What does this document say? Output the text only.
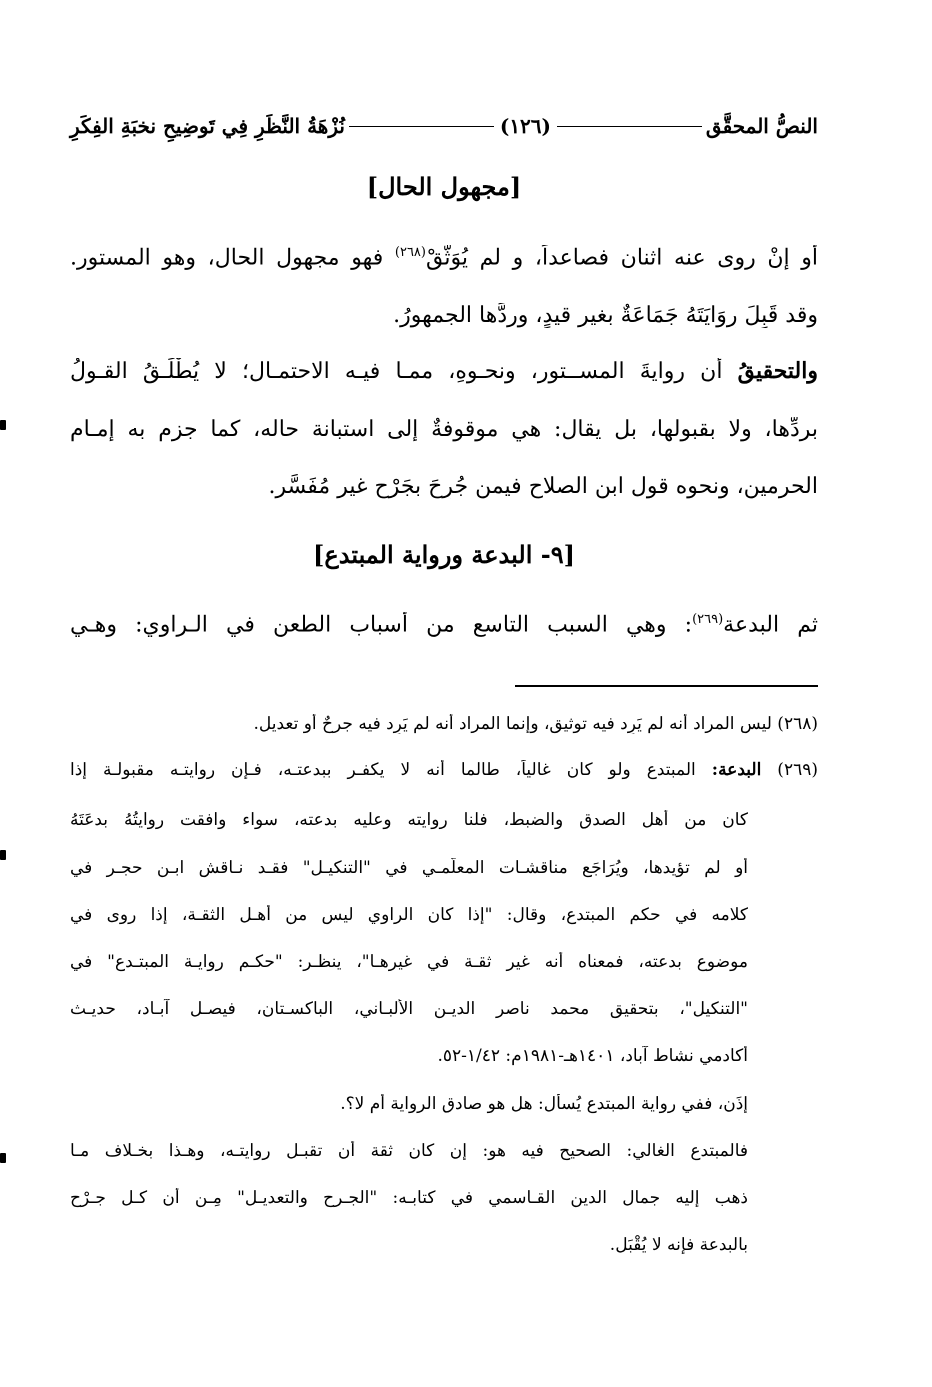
النصُّ المحقَّق
(١٢٦)
نُزْهَةُ النَّظَرِ فِي تَوضِيحِ نخبَةِ الفِكَرِ
[مجهول الحال]
أو إنْ روى عنه اثنان فصاعداً، و لم يُوَثَّقْ$^{(٢٦٨)}$ فهو مجهول الحال، وهو المستور.
وقد قَبِلَ رِوَايَتَهُ جَمَاعَةٌ بغيرِ قيدٍ، وردَّها الجمهورُ.
والتحقيقُ أن روايةَ المســتور، ونحـوِهِ، ممـا فيـه الاحتمـال؛ لا يُطْلَـقُ القـولُ
بردِّها، ولا بقبولها، بل يقال: هي موقوفةٌ إلى استبانة حاله، كما جزم به إمـام
الحرمين، ونحوه قول ابن الصلاح فيمن جُرِحَ بجَرْحٍ غير مُفَسَّر.
[٩- البدعة ورواية المبتدع]
ثم البدعة$^{(٢٦٩)}$: وهي السبب التاسع من أسباب الطعن في الـراوي: وهـي
(٢٦٨) ليس المراد أنه لم يَرِد فيه توثيق، وإنما المراد أنه لم يَرِد فيه جرحٌ أو تعديل.
(٢٦٩) البدعة: المبتدع ولو كان غالياً، طالما أنه لا يكفـر ببدعتـه، فـإن روايتـه مقبولـة إذا
كان من أهل الصدق والضبط، فلنا روايته وعليه بدعته، سواء وافقت روايتُهُ بدعَتَهُ
أو لم تؤيدها، ويُرَاجَع مناقشـات المعلّمـي في "التنكيـل" فقـد نـاقش ابـن حجـر في
كلامه في حكم المبتدع، وقال: "إذا كان الراوي ليس من أهـل الثقـة، إذا روى في
موضوع بدعته، فمعناه أنه غير ثقـة في غيرهـا"، ينظـر: "حكـم روايـة المبتـدع" في
"التنكيل"، بتحقيق محمد ناصر الديـن الألبـاني، الباكسـتان، فيصـل آبـاد، حديـث
أكادمي نشاط آباد، ١٤٠١هـ-١٩٨١م: ١/٤٢-٥٢.
إِذَن، ففي رواية المبتدع يُسأَل: هل هو صادق الرواية أم لا؟.
فالمبتدع الغالي: الصحيح فيه هو: إن كان ثقة أن تقبـل روايتـه، وهـذا بخـلاف مـا
ذهب إليه جمال الدين القـاسمي في كتابـه: "الجـرح والتعديـل" مِـن أن كـل جـرْحٍ
بالبدعة فإنه لا يُقْبَل.
